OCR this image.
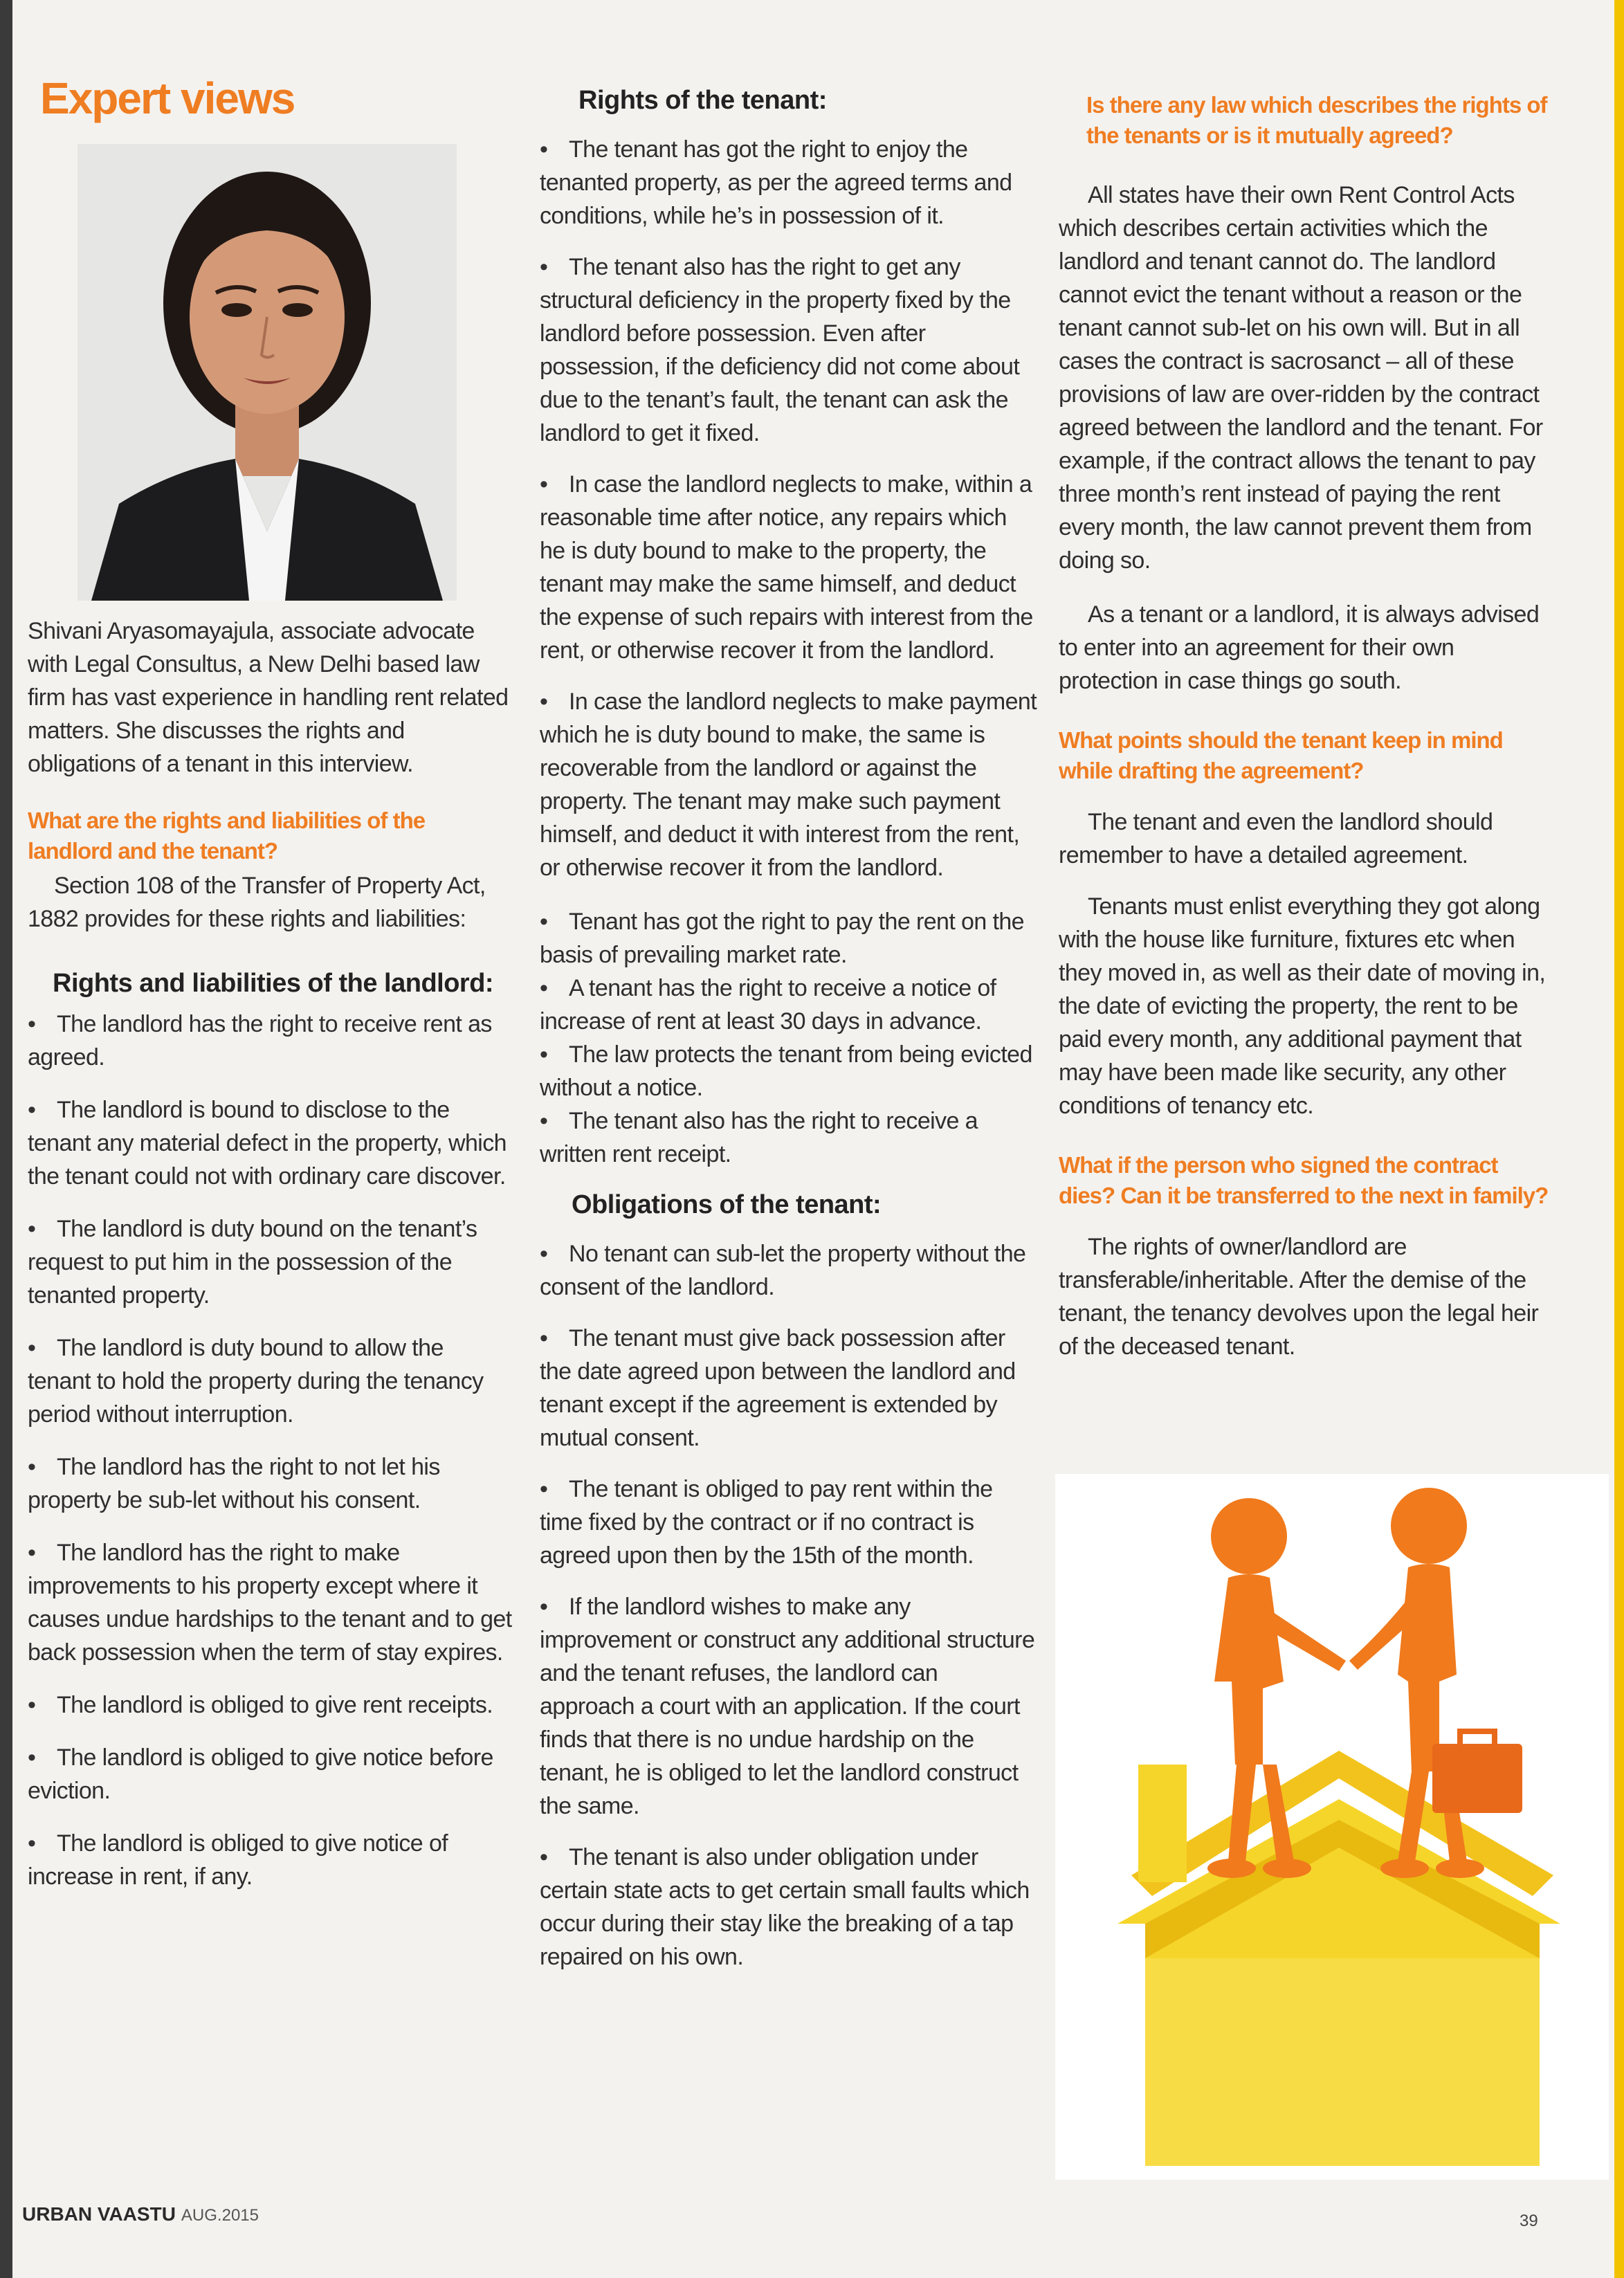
Expert views

Shivani Aryasomayajula, associate advocate with Legal Consultus, a New Delhi based law firm has vast experience in handling rent related matters. She discusses the rights and obligations of a tenant in this interview.

What are the rights and liabilities of the landlord and the tenant?

Section 108 of the Transfer of Property Act, 1882 provides for these rights and liabilities:

Rights and liabilities of the landlord:

• The landlord has the right to receive rent as agreed.

• The landlord is bound to disclose to the tenant any material defect in the property, which the tenant could not with ordinary care discover.

• The landlord is duty bound on the tenant’s request to put him in the possession of the tenanted property.

• The landlord is duty bound to allow the tenant to hold the property during the tenancy period without interruption.

• The landlord has the right to not let his property be sub-let without his consent.

• The landlord has the right to make improvements to his property except where it causes undue hardships to the tenant and to get back possession when the term of stay expires.

• The landlord is obliged to give rent receipts.

• The landlord is obliged to give notice before eviction.

• The landlord is obliged to give notice of increase in rent, if any.

Rights of the tenant:

• The tenant has got the right to enjoy the tenanted property, as per the agreed terms and conditions, while he’s in possession of it.

• The tenant also has the right to get any structural deficiency in the property fixed by the landlord before possession. Even after possession, if the deficiency did not come about due to the tenant’s fault, the tenant can ask the landlord to get it fixed.

• In case the landlord neglects to make, within a reasonable time after notice, any repairs which he is duty bound to make to the property, the tenant may make the same himself, and deduct the expense of such repairs with interest from the rent, or otherwise recover it from the landlord.

• In case the landlord neglects to make payment which he is duty bound to make, the same is recoverable from the landlord or against the property. The tenant may make such payment himself, and deduct it with interest from the rent, or otherwise recover it from the landlord.

• Tenant has got the right to pay the rent on the basis of prevailing market rate.

• A tenant has the right to receive a notice of increase of rent at least 30 days in advance.

• The law protects the tenant from being evicted without a notice.

• The tenant also has the right to receive a written rent receipt.

Obligations of the tenant:

• No tenant can sub-let the property without the consent of the landlord.

• The tenant must give back possession after the date agreed upon between the landlord and tenant except if the agreement is extended by mutual consent.

• The tenant is obliged to pay rent within the time fixed by the contract or if no contract is agreed upon then by the 15th of the month.

• If the landlord wishes to make any improvement or construct any additional structure and the tenant refuses, the landlord can approach a court with an application. If the court finds that there is no undue hardship on the tenant, he is obliged to let the landlord construct the same.

• The tenant is also under obligation under certain state acts to get certain small faults which occur during their stay like the breaking of a tap repaired on his own.

Is there any law which describes the rights of the tenants or is it mutually agreed?

All states have their own Rent Control Acts which describes certain activities which the landlord and tenant cannot do. The landlord cannot evict the tenant without a reason or the tenant cannot sub-let on his own will. But in all cases the contract is sacrosanct – all of these provisions of law are over-ridden by the contract agreed between the landlord and the tenant. For example, if the contract allows the tenant to pay three month’s rent instead of paying the rent every month, the law cannot prevent them from doing so.

As a tenant or a landlord, it is always advised to enter into an agreement for their own protection in case things go south.

What points should the tenant keep in mind while drafting the agreement?

The tenant and even the landlord should remember to have a detailed agreement.

Tenants must enlist everything they got along with the house like furniture, fixtures etc when they moved in, as well as their date of moving in, the date of evicting the property, the rent to be paid every month, any additional payment that may have been made like security, any other conditions of tenancy etc.

What if the person who signed the contract dies? Can it be transferred to the next in family?

The rights of owner/landlord are transferable/inheritable. After the demise of the tenant, the tenancy devolves upon the legal heir of the deceased tenant.

URBAN VAASTU AUG.2015	39
